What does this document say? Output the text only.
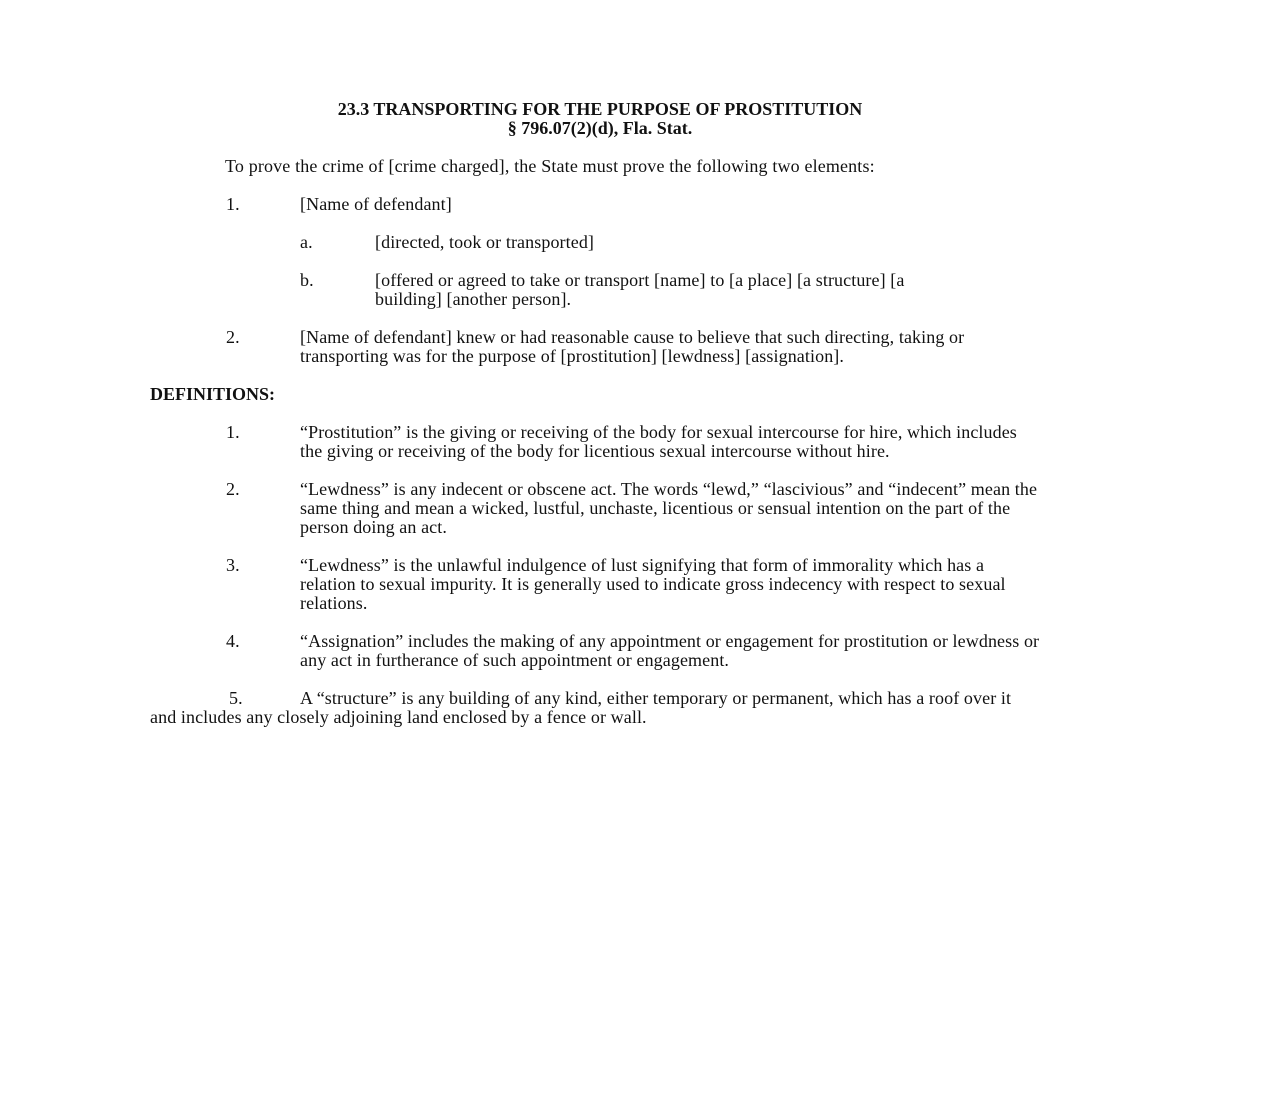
23.3 TRANSPORTING FOR THE PURPOSE OF PROSTITUTION
§ 796.07(2)(d), Fla. Stat.
To prove the crime of [crime charged], the State must prove the following two elements:
1.	[Name of defendant]
a.	[directed, took or transported]
b.	[offered or agreed to take or transport [name] to [a place] [a structure] [a building] [another person].
2.	[Name of defendant] knew or had reasonable cause to believe that such directing, taking or transporting was for the purpose of [prostitution] [lewdness] [assignation].
DEFINITIONS:
1.	“Prostitution” is the giving or receiving of the body for sexual intercourse for hire, which includes the giving or receiving of the body for licentious sexual intercourse without hire.
2.	“Lewdness” is any indecent or obscene act. The words “lewd,” “lascivious” and “indecent” mean the same thing and mean a wicked, lustful, unchaste, licentious or sensual intention on the part of the person doing an act.
3.	“Lewdness” is the unlawful indulgence of lust signifying that form of immorality which has a relation to sexual impurity. It is generally used to indicate gross indecency with respect to sexual relations.
4.	“Assignation” includes the making of any appointment or engagement for prostitution or lewdness or any act in furtherance of such appointment or engagement.
5.	A “structure” is any building of any kind, either temporary or permanent, which has a roof over it and includes any closely adjoining land enclosed by a fence or wall.
